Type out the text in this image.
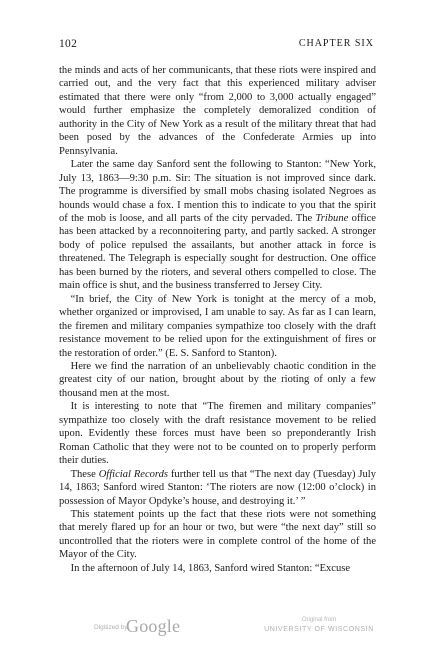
102	CHAPTER SIX

the minds and acts of her communicants, that these riots were inspired and carried out, and the very fact that this experienced military adviser estimated that there were only “from 2,000 to 3,000 actually engaged” would further emphasize the completely demoralized condition of authority in the City of New York as a result of the military threat that had been posed by the advances of the Confederate Armies up into Pennsylvania.

Later the same day Sanford sent the following to Stanton: “New York, July 13, 1863—9:30 p.m. Sir: The situation is not improved since dark. The programme is diversified by small mobs chasing isolated Negroes as hounds would chase a fox. I mention this to indicate to you that the spirit of the mob is loose, and all parts of the city pervaded. The Tribune office has been attacked by a reconnoitering party, and partly sacked. A stronger body of police repulsed the assailants, but another attack in force is threatened. The Telegraph is especially sought for destruction. One office has been burned by the rioters, and several others compelled to close. The main office is shut, and the business transferred to Jersey City.

“In brief, the City of New York is tonight at the mercy of a mob, whether organized or improvised, I am unable to say. As far as I can learn, the firemen and military companies sympathize too closely with the draft resistance movement to be relied upon for the extinguishment of fires or the restoration of order.” (E. S. Sanford to Stanton).

Here we find the narration of an unbelievably chaotic condition in the greatest city of our nation, brought about by the rioting of only a few thousand men at the most.

It is interesting to note that “The firemen and military companies” sympathize too closely with the draft resistance movement to be relied upon. Evidently these forces must have been so preponderantly Irish Roman Catholic that they were not to be counted on to properly perform their duties.

These Official Records further tell us that “The next day (Tuesday) July 14, 1863; Sanford wired Stanton: ‘The rioters are now (12:00 o’clock) in possession of Mayor Opdyke’s house, and destroying it.’ ”

This statement points up the fact that these riots were not something that merely flared up for an hour or two, but were “the next day” still so uncontrolled that the rioters were in complete control of the home of the Mayor of the City.

In the afternoon of July 14, 1863, Sanford wired Stanton: “Excuse

Digitized by
Google	Original from
UNIVERSITY OF WISCONSIN
